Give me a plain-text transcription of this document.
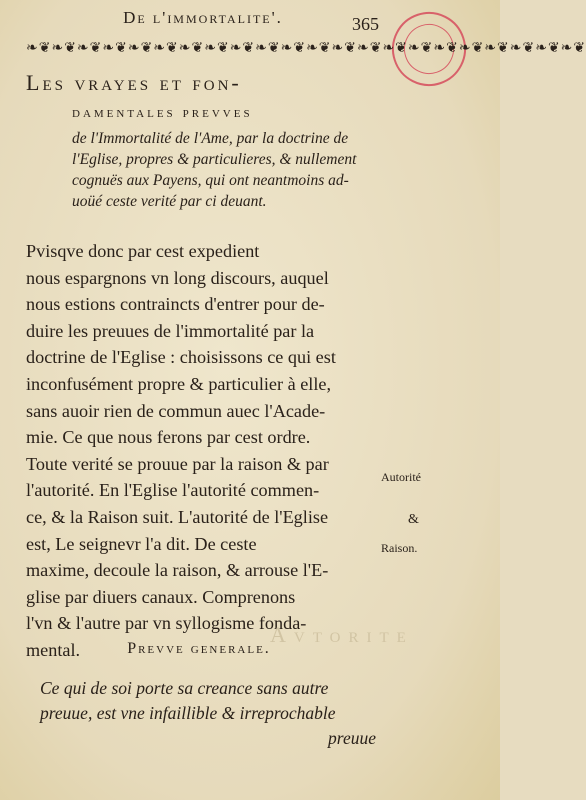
De l'immortalite'.	365
❧❦❧❦❧❦❧❦❧❦❧❦❧❦❧❦❧❦❧❦❧❦❧❦❧❦❧❦❧❦❧❦❧❦❧❦❧❦❧❦❧❦❧❦
Les vrayes et fon-
damentales prevves
de l'Immortalité de l'Ame, par la doctrine de
l'Eglise, propres & particulieres, & nullement
cognuës aux Payens, qui ont neantmoins ad-
uoüé ceste verité par ci deuant.
Pvisqve donc par cest expedient
nous espargnons vn long discours, auquel
nous estions contraincts d'entrer pour de-
duire les preuues de l'immortalité par la
doctrine de l'Eglise : choisissons ce qui est
inconfusément propre & particulier à elle,
sans auoir rien de commun auec l'Acade-
mie. Ce que nous ferons par cest ordre.
Toute verité se prouue par la raison & par
l'autorité. En l'Eglise l'autorité commen-
ce, & la Raison suit. L'autorité de l'Eglise
est, Le seignevr l'a dit. De ceste
maxime, decoule la raison, & arrouse l'E-
glise par diuers canaux. Comprenons
l'vn & l'autre par vn syllogisme fonda-
mental.
Autorité
&
Raison.
Avtorite
Prevve generale.
Ce qui de soi porte sa creance sans autre
preuue, est vne infaillible & irreprochable
preuue
